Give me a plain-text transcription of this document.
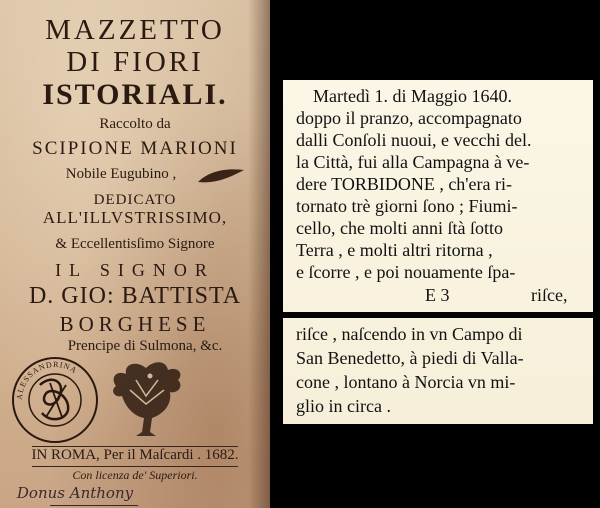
MAZZETTO
DI FIORI
ISTORIALI.
Raccolto da
SCIPIONE MARIONI
Nobile Eugubino ,
DEDICATO
ALL'ILLVSTRISSIMO,
& Eccellentisſimo Signore
IL SIGNOR
D. GIO: BATTISTA
BORGHESE
Prencipe di Sulmona, &c.
ALESSANDRINA
IN ROMA, Per il Maſcardi . 1682.
Con licenza de' Superiori.
Donus Anthony
Martedì 1. di Maggio 1640.
doppo il pranzo, accompagnato
dalli Conſoli nuoui, e vecchi del.
la Città, fui alla Campagna à ve-
dere TORBIDONE , ch'era ri-
tornato trè giorni ſono ; Fiumi-
cello, che molti anni ſtà ſotto
Terra , e molti altri ritorna ,
e ſcorre , e poi nouamente ſpa-
E 3	riſce,
riſce , naſcendo in vn Campo di
San Benedetto, à piedi di Valla-
cone , lontano à Norcia vn mi-
glio in circa .
